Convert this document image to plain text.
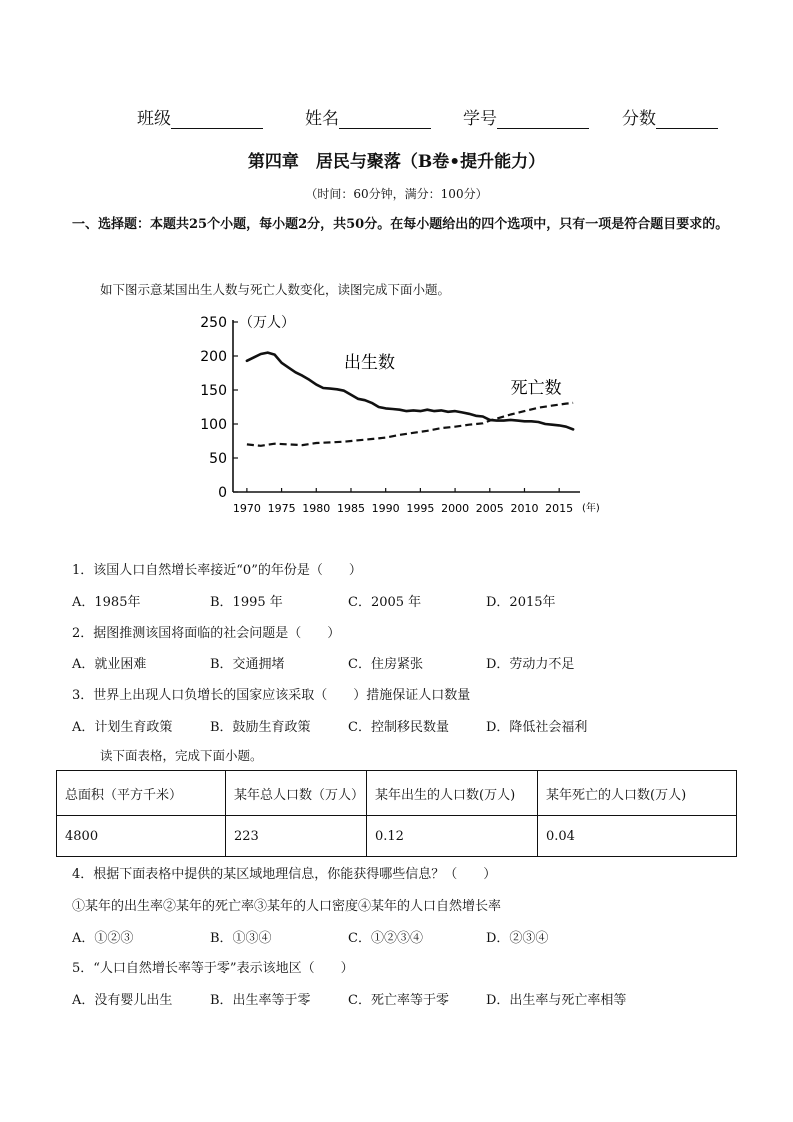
班级	姓名	学号	分数
第四章　居民与聚落（B卷•提升能力）
（时间：60分钟，满分：100分）
一、选择题：本题共25个小题，每小题2分，共50分。在每小题给出的四个选项中，只有一项是符合题目要求的。
如下图示意某国出生人数与死亡人数变化，读图完成下面小题。
250
200
150
100
50
0
1970 1975 1980 1985 1990 1995 2000 2005 2010 2015
（万人）
(年)
出生数
死亡数
1．该国人口自然增长率接近“0”的年份是（　　）
A．1985年	B．1995 年	C．2005 年	D．2015年
2．据图推测该国将面临的社会问题是（　　）
A．就业困难	B．交通拥堵	C．住房紧张	D．劳动力不足
3．世界上出现人口负增长的国家应该采取（　　）措施保证人口数量
A．计划生育政策	B．鼓励生育政策	C．控制移民数量	D．降低社会福利
读下面表格，完成下面小题。
总面积（平方千米）	某年总人口数（万人）	某年出生的人口数(万人)	某年死亡的人口数(万人)
4800	223	0.12	0.04
4．根据下面表格中提供的某区域地理信息，你能获得哪些信息？（　　）
①某年的出生率②某年的死亡率③某年的人口密度④某年的人口自然增长率
A．①②③	B．①③④	C．①②③④	D．②③④
5．“人口自然增长率等于零”表示该地区（　　）
A．没有婴儿出生	B．出生率等于零	C．死亡率等于零	D．出生率与死亡率相等
